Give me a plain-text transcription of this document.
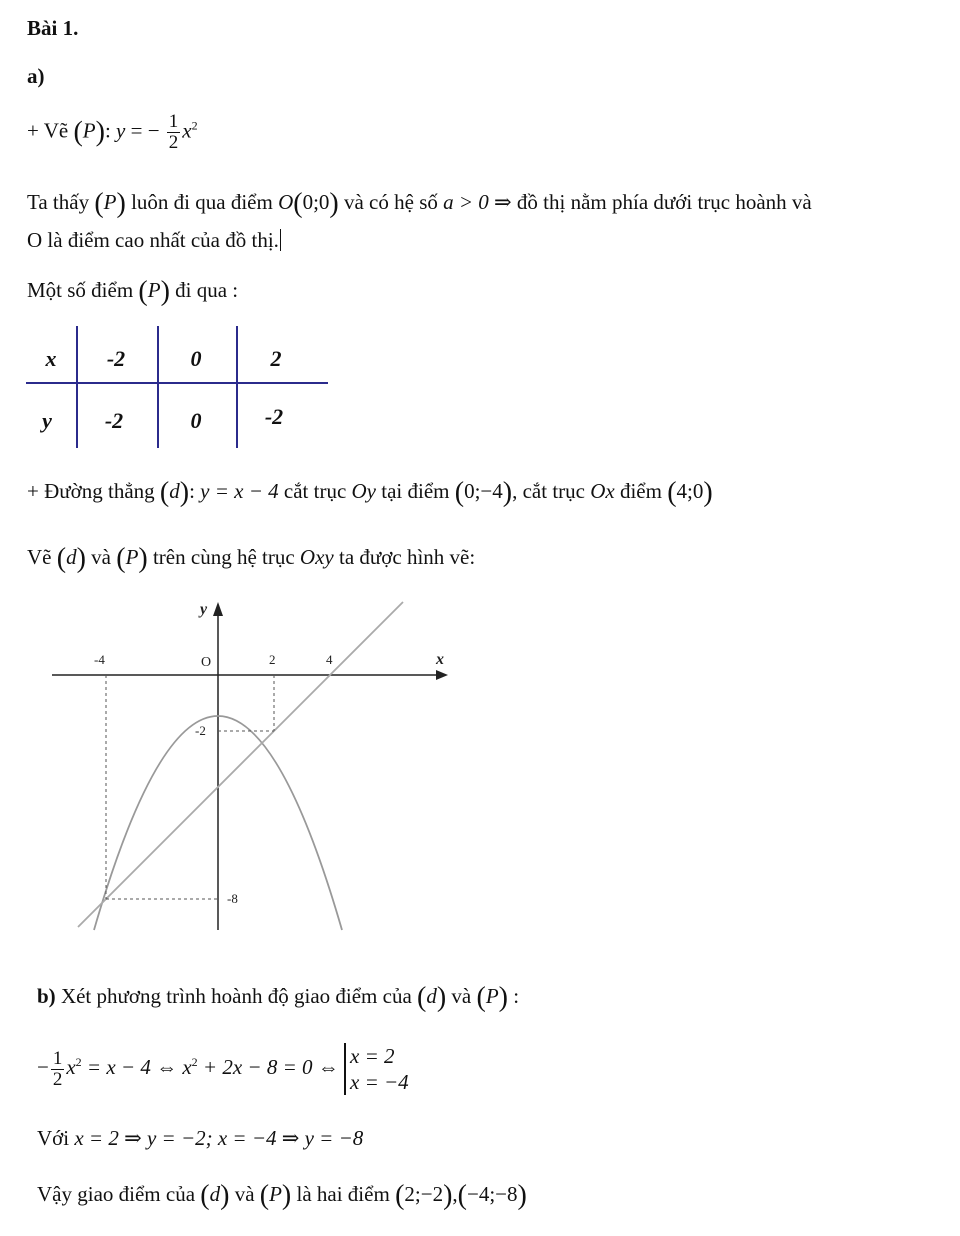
Bài 1.
a)
+ Vẽ (P): y = − $\frac{1}{2} x^2$
Ta thấy (P) luôn đi qua điểm O(0;0) và có hệ số a > 0 ⇒ đồ thị nằm phía dưới trục hoành và
O là điểm cao nhất của đồ thị.
Một số điểm (P) đi qua :
x	-2	0	2
y	-2	0	-2
+ Đường thẳng (d): y = x − 4 cắt trục Oy tại điểm (0;−4), cắt trục Ox điểm (4;0)
Vẽ (d) và (P) trên cùng hệ trục Oxy ta được hình vẽ:
y
x
O
-4	2	4
-2
-8
b) Xét phương trình hoành độ giao điểm của (d) và (P) :
− $\frac{1}{2} x^2 = x - 4$ ⇔ $x^2 + 2x - 8 = 0$ ⇔ x = 2
x = −4
Với x = 2 ⇒ y = −2; x = −4 ⇒ y = −8
Vậy giao điểm của (d) và (P) là hai điểm (2;−2),(−4;−8)
